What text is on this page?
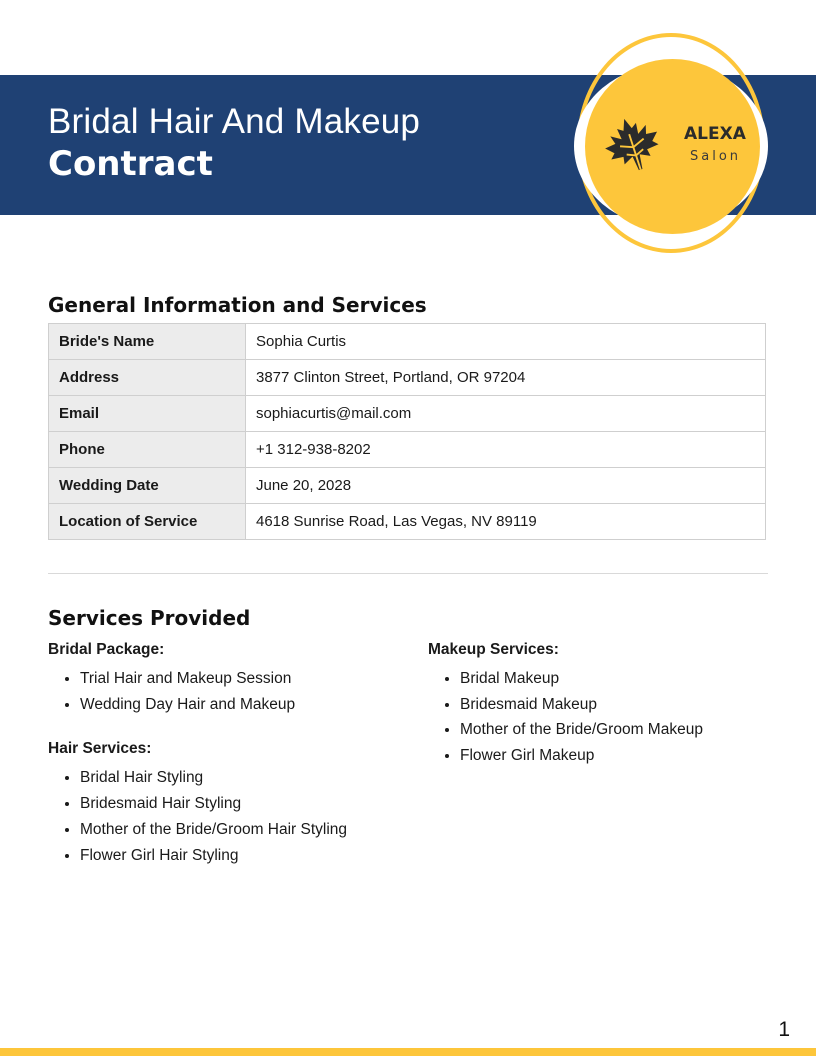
Bridal Hair And Makeup
Contract
ALEXA
Salon
General Information and Services
Bride's Name	Sophia Curtis
Address	3877 Clinton Street, Portland, OR 97204
Email	sophiacurtis@mail.com
Phone	+1 312-938-8202
Wedding Date	June 20, 2028
Location of Service	4618 Sunrise Road, Las Vegas, NV 89119
Services Provided
Bridal Package:
• Trial Hair and Makeup Session
• Wedding Day Hair and Makeup
Hair Services:
• Bridal Hair Styling
• Bridesmaid Hair Styling
• Mother of the Bride/Groom Hair Styling
• Flower Girl Hair Styling
Makeup Services:
• Bridal Makeup
• Bridesmaid Makeup
• Mother of the Bride/Groom Makeup
• Flower Girl Makeup
1
